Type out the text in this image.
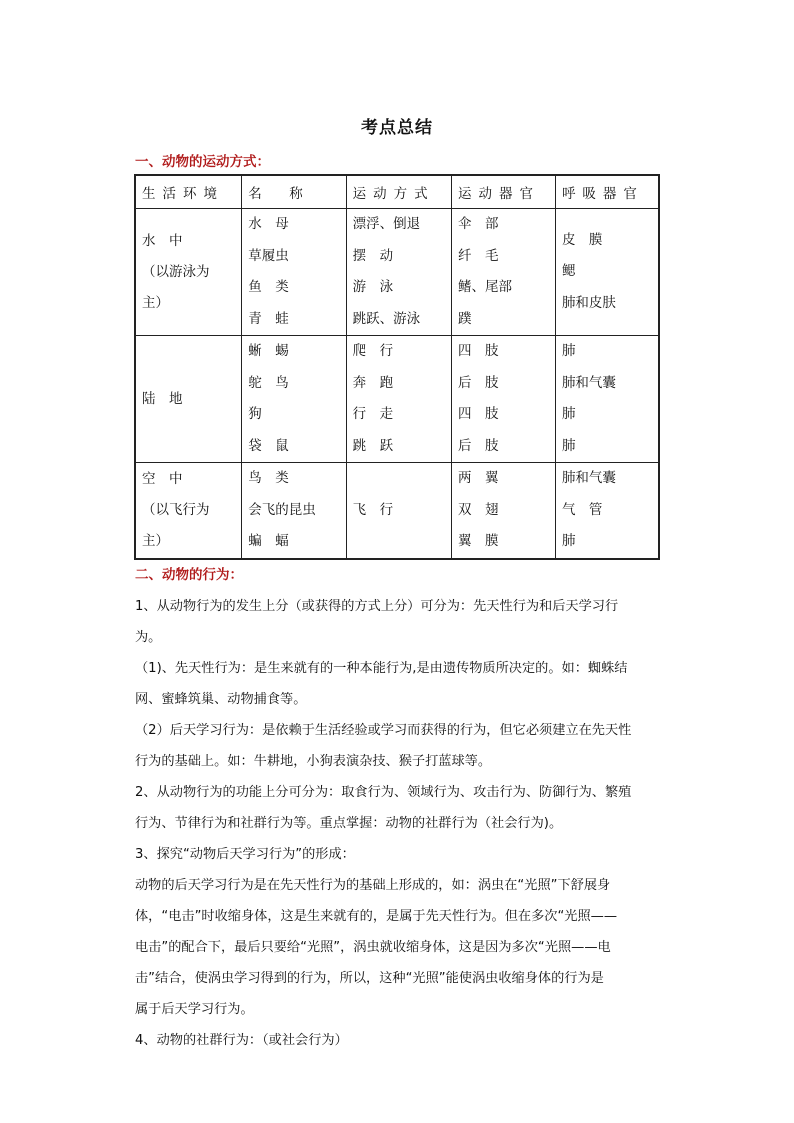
考点总结
一、动物的运动方式：
生活环境	名　称	运动方式	运动器官	呼吸器官

水　中
（以游泳为
主）	水　母
草履虫
鱼　类
青　蛙	漂浮、倒退
摆　动
游　泳
跳跃、游泳	伞　部
纤　毛
鳍、尾部
蹼	皮　膜
鳃
肺和皮肤

陆　地	蜥　蜴
鸵　鸟
狗
袋　鼠	爬　行
奔　跑
行　走
跳　跃	四　肢
后　肢
四　肢
后　肢	肺
肺和气囊
肺
肺

空　中
（以飞行为
主）	鸟　类
会飞的昆虫
蝙　蝠	飞　行	两　翼
双　翅
翼　膜	肺和气囊
气　管
肺
二、动物的行为：
1、从动物行为的发生上分（或获得的方式上分）可分为：先天性行为和后天学习行
为。
（1)、先天性行为：是生来就有的一种本能行为,是由遗传物质所决定的。如：蜘蛛结
网、蜜蜂筑巢、动物捕食等。
（2）后天学习行为：是依赖于生活经验或学习而获得的行为，但它必须建立在先天性
行为的基础上。如：牛耕地，小狗表演杂技、猴子打蓝球等。
2、从动物行为的功能上分可分为：取食行为、领域行为、攻击行为、防御行为、繁殖
行为、节律行为和社群行为等。重点掌握：动物的社群行为（社会行为)。
3、探究“动物后天学习行为”的形成：
动物的后天学习行为是在先天性行为的基础上形成的，如：涡虫在“光照”下舒展身
体，“电击”时收缩身体，这是生来就有的，是属于先天性行为。但在多次“光照——
电击”的配合下，最后只要给“光照”，涡虫就收缩身体，这是因为多次“光照——电
击”结合，使涡虫学习得到的行为，所以，这种“光照”能使涡虫收缩身体的行为是
属于后天学习行为。
4、动物的社群行为：（或社会行为）
